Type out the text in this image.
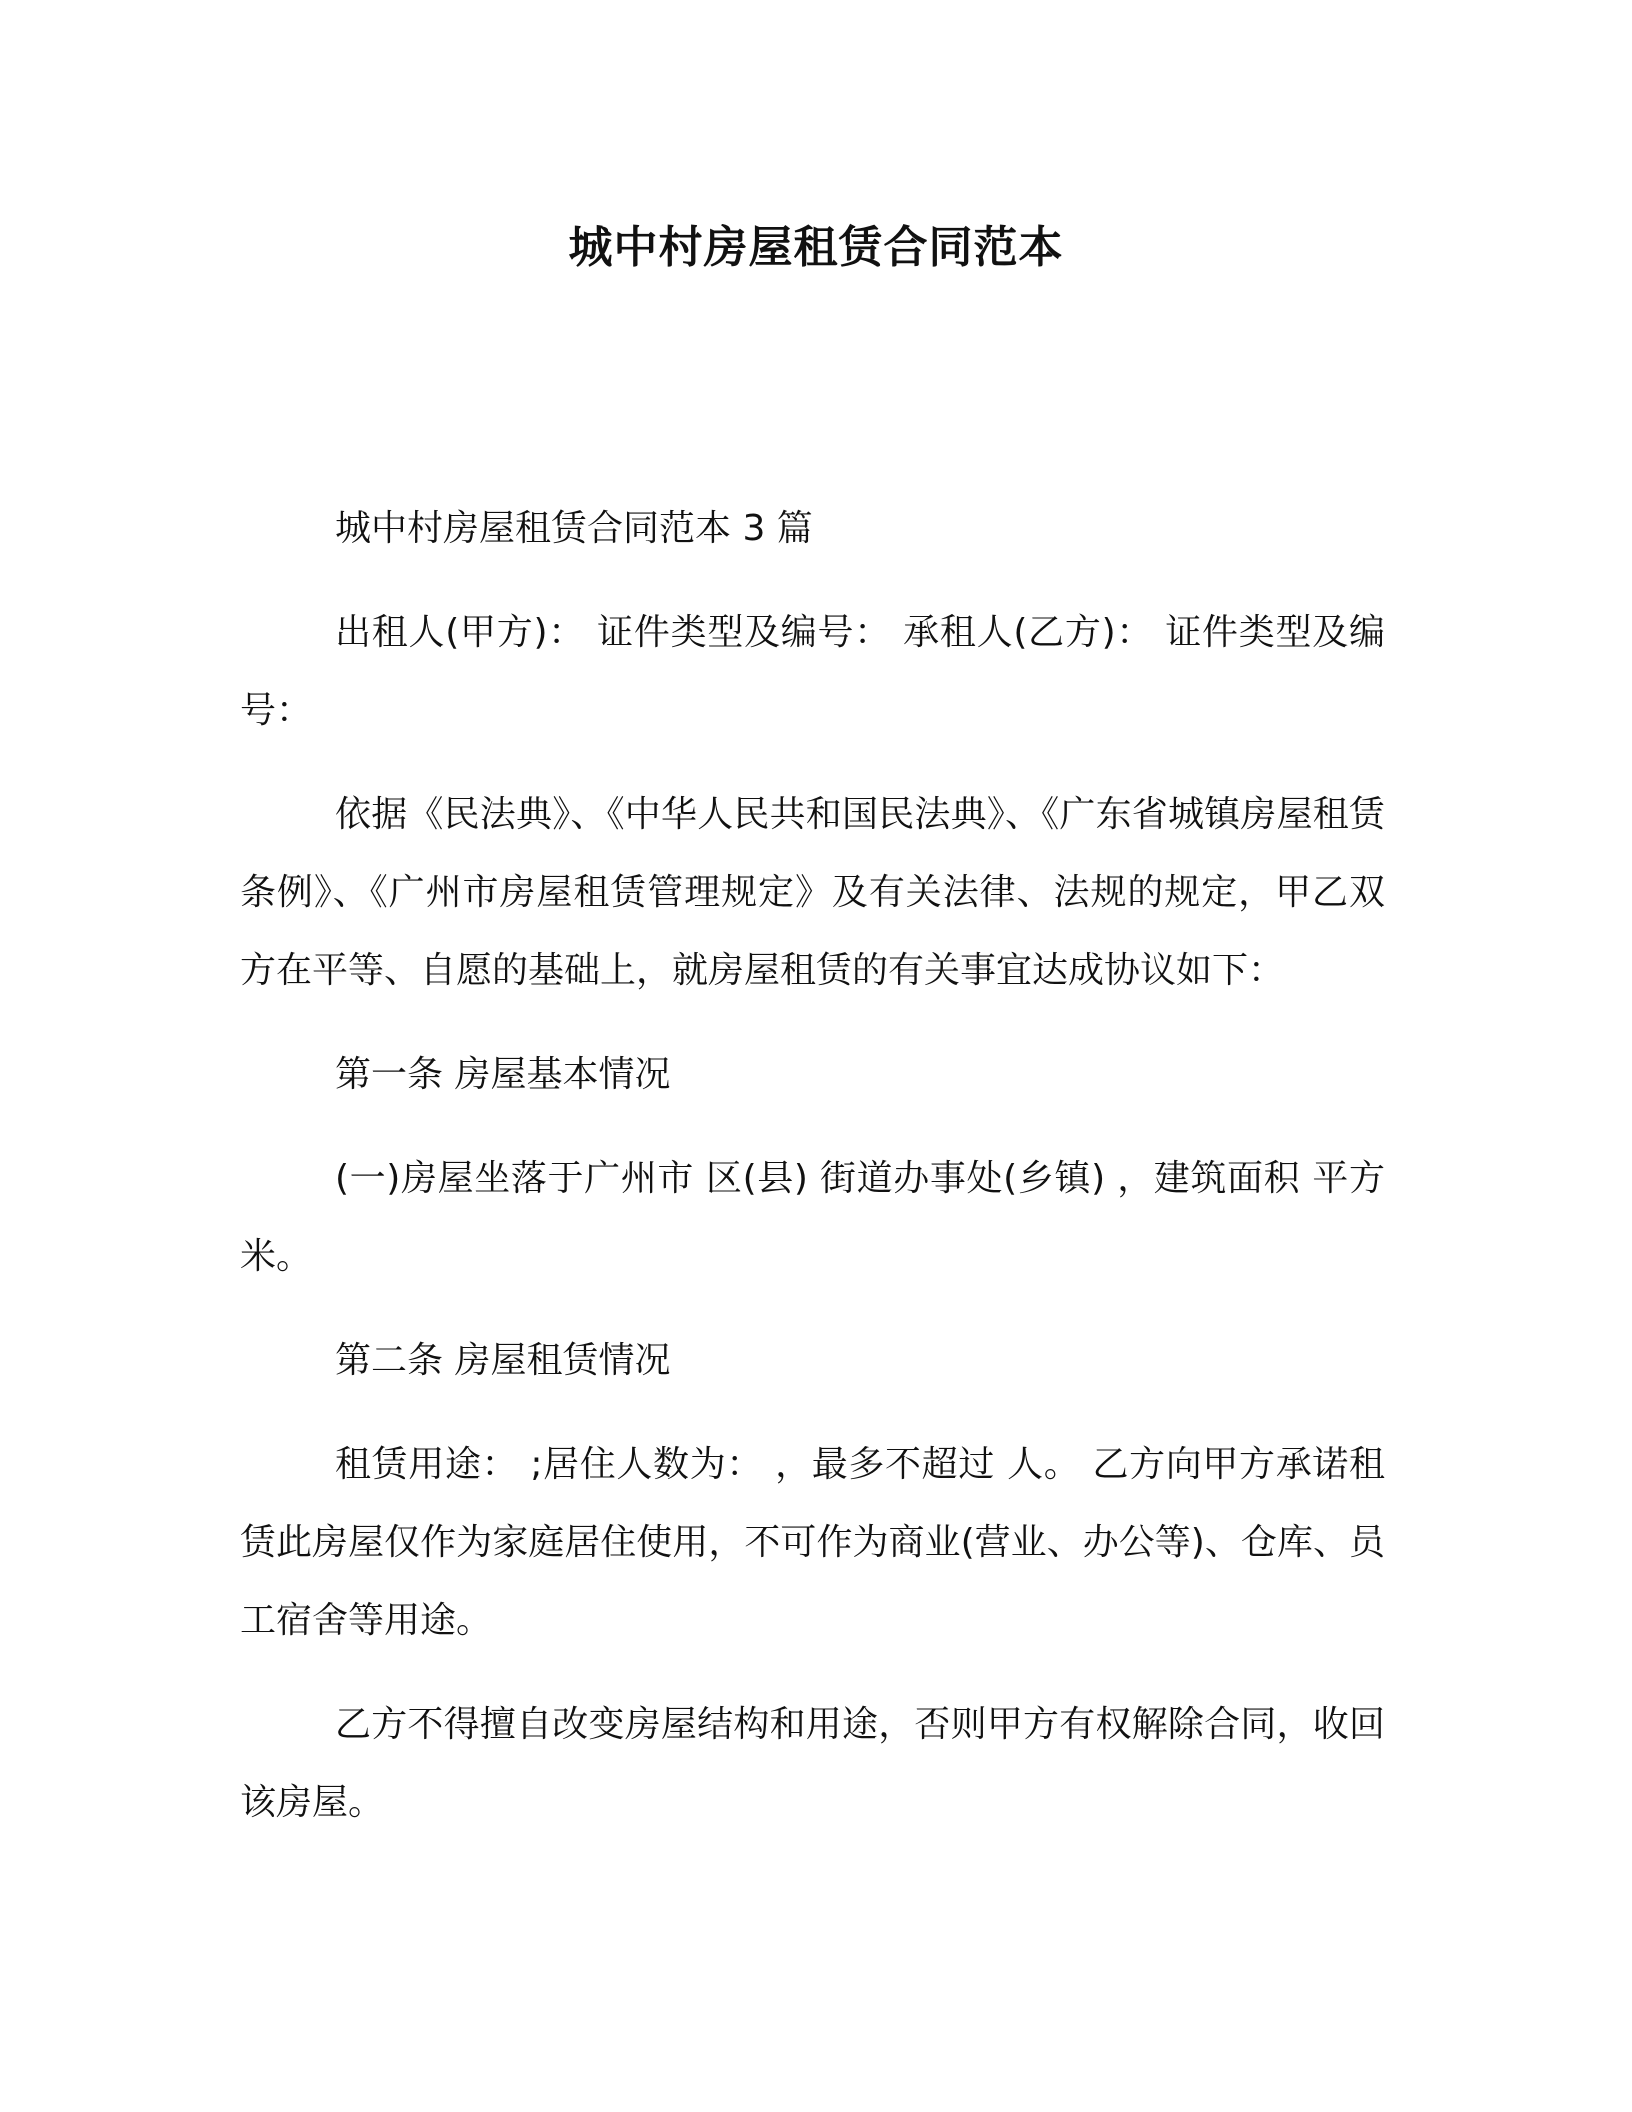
城中村房屋租赁合同范本

城中村房屋租赁合同范本 3 篇

出租人(甲方)： 证件类型及编号： 承租人(乙方)： 证件类型及编号：

依据《民法典》、《中华人民共和国民法典》、《广东省城镇房屋租赁条例》、《广州市房屋租赁管理规定》及有关法律、法规的规定，甲乙双方在平等、自愿的基础上，就房屋租赁的有关事宜达成协议如下：

第一条 房屋基本情况

(一)房屋坐落于广州市 区(县) 街道办事处(乡镇) ，建筑面积 平方米。

第二条 房屋租赁情况

租赁用途： ;居住人数为： ，最多不超过 人。 乙方向甲方承诺租赁此房屋仅作为家庭居住使用，不可作为商业(营业、办公等)、仓库、员工宿舍等用途。

乙方不得擅自改变房屋结构和用途，否则甲方有权解除合同，收回该房屋。
